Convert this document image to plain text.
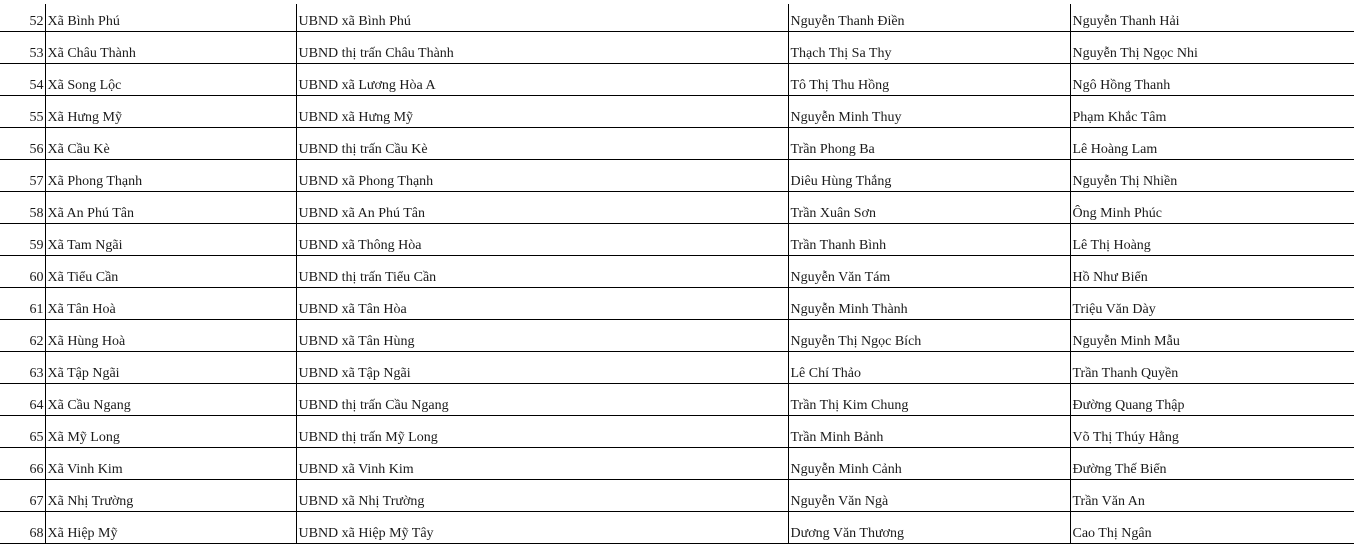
52	Xã Bình Phú	UBND xã Bình Phú	Nguyễn Thanh Điền	Nguyễn Thanh Hải
53	Xã Châu Thành	UBND thị trấn Châu Thành	Thạch Thị Sa Thy	Nguyễn Thị Ngọc Nhi
54	Xã Song Lộc	UBND xã Lương Hòa A	Tô Thị Thu Hồng	Ngô Hồng Thanh
55	Xã Hưng Mỹ	UBND xã Hưng Mỹ	Nguyễn Minh Thuy	Phạm Khắc Tâm
56	Xã Cầu Kè	UBND thị trấn Cầu Kè	Trần Phong Ba	Lê Hoàng Lam
57	Xã Phong Thạnh	UBND xã Phong Thạnh	Diêu Hùng Thắng	Nguyễn Thị Nhiền
58	Xã An Phú Tân	UBND xã An Phú Tân	Trần Xuân Sơn	Ông Minh Phúc
59	Xã Tam Ngãi	UBND xã Thông Hòa	Trần Thanh Bình	Lê Thị Hoàng
60	Xã Tiểu Cần	UBND thị trấn Tiểu Cần	Nguyễn Văn Tám	Hồ Như Biển
61	Xã Tân Hoà	UBND xã Tân Hòa	Nguyễn Minh Thành	Triệu Văn Dày
62	Xã Hùng Hoà	UBND xã Tân Hùng	Nguyễn Thị Ngọc Bích	Nguyễn Minh Mẫu
63	Xã Tập Ngãi	UBND xã Tập Ngãi	Lê Chí Thảo	Trần Thanh Quyền
64	Xã Cầu Ngang	UBND thị trấn Cầu Ngang	Trần Thị Kim Chung	Đường Quang Thập
65	Xã Mỹ Long	UBND thị trấn Mỹ Long	Trần Minh Bảnh	Võ Thị Thúy Hằng
66	Xã Vinh Kim	UBND xã Vinh Kim	Nguyễn Minh Cảnh	Đường Thế Biển
67	Xã Nhị Trường	UBND xã Nhị Trường	Nguyễn Văn Ngà	Trần Văn An
68	Xã Hiệp Mỹ	UBND xã Hiệp Mỹ Tây	Dương Văn Thương	Cao Thị Ngân
